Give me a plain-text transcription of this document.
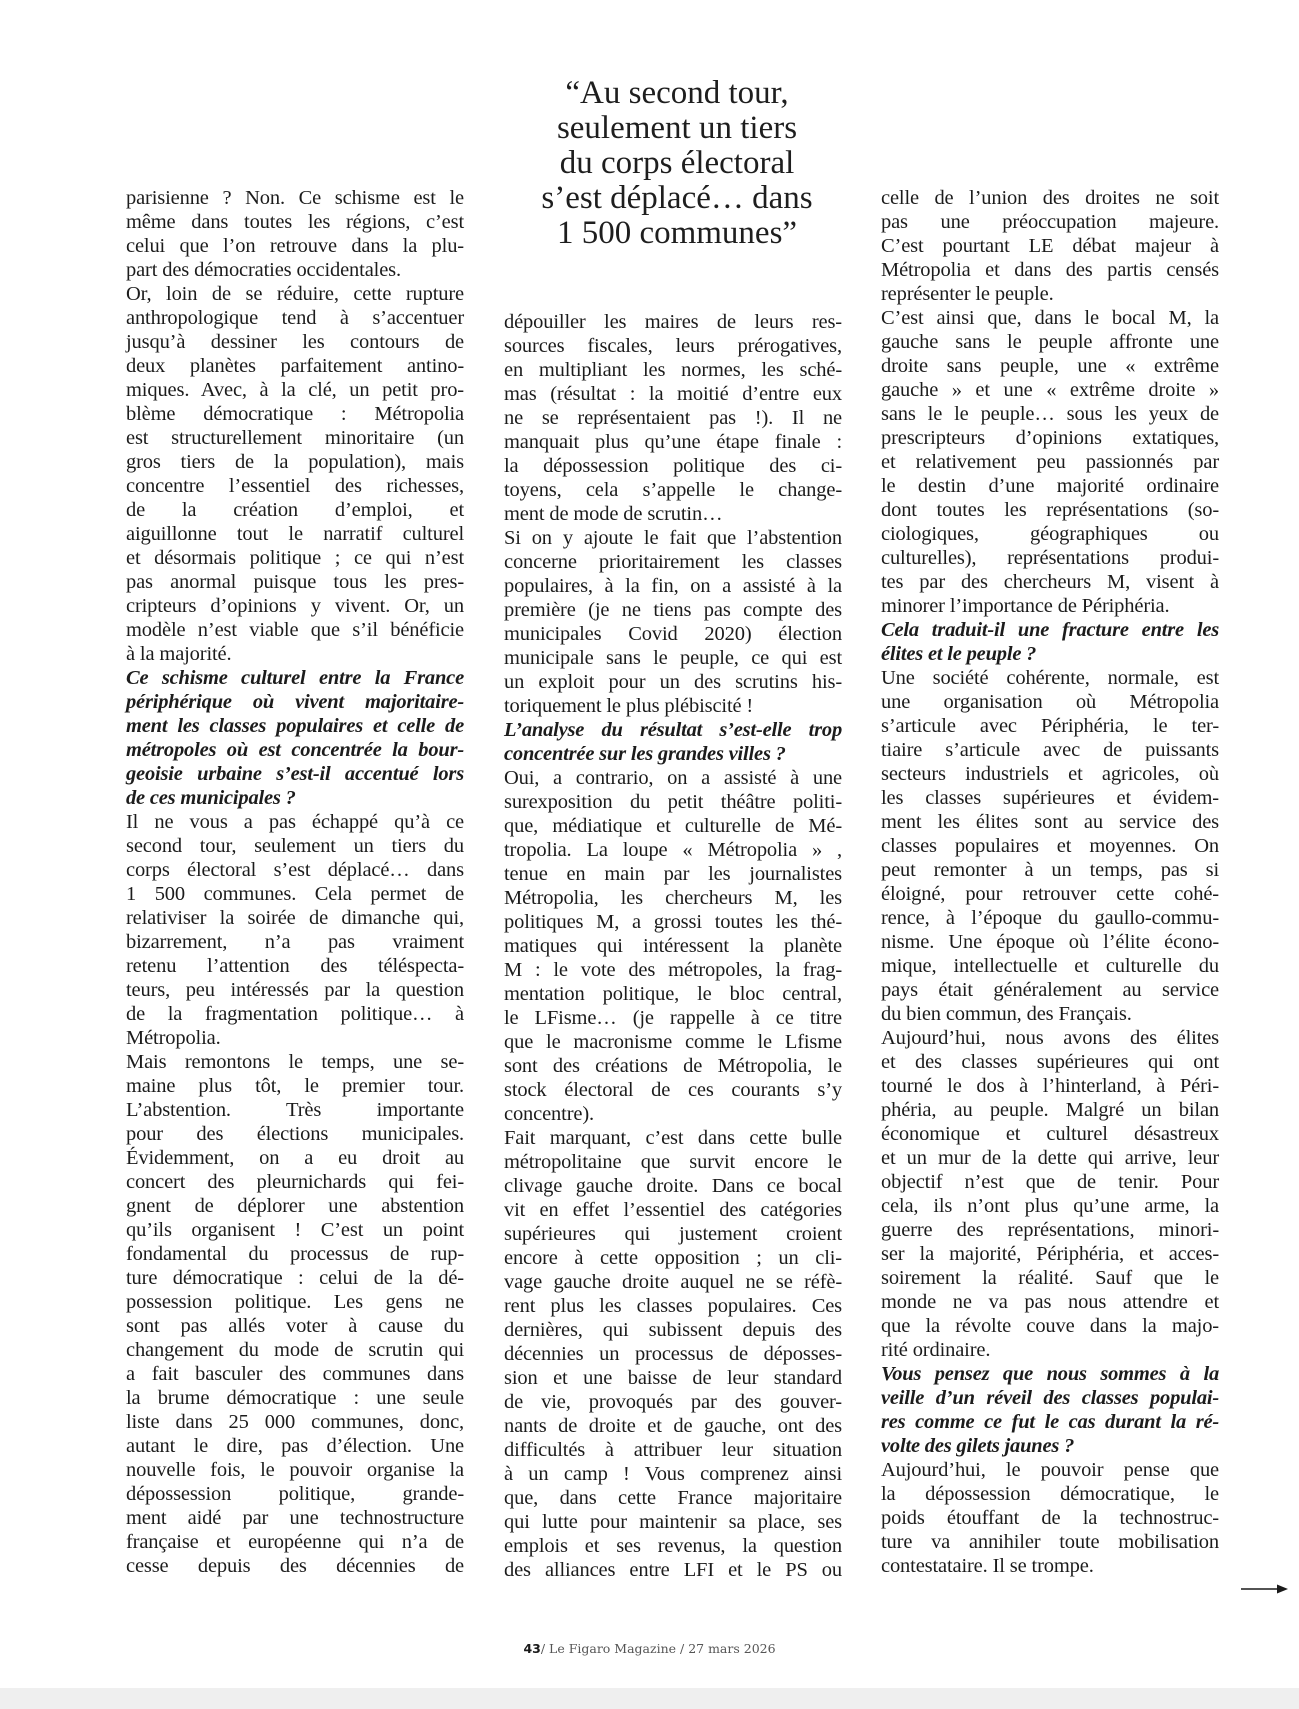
“Au second tour,
seulement un tiers
du corps électoral
s’est déplacé… dans
1 500 communes”
parisienne ? Non. Ce schisme est le
même dans toutes les régions, c’est
celui que l’on retrouve dans la plu-
part des démocraties occidentales.
Or, loin de se réduire, cette rupture
anthropologique tend à s’accentuer
jusqu’à dessiner les contours de
deux planètes parfaitement antino-
miques. Avec, à la clé, un petit pro-
blème démocratique : Métropolia
est structurellement minoritaire (un
gros tiers de la population), mais
concentre l’essentiel des richesses,
de la création d’emploi, et
aiguillonne tout le narratif culturel
et désormais politique ; ce qui n’est
pas anormal puisque tous les pres-
cripteurs d’opinions y vivent. Or, un
modèle n’est viable que s’il bénéficie
à la majorité.
Ce schisme culturel entre la France
périphérique où vivent majoritaire-
ment les classes populaires et celle de
métropoles où est concentrée la bour-
geoisie urbaine s’est-il accentué lors
de ces municipales ?
Il ne vous a pas échappé qu’à ce
second tour, seulement un tiers du
corps électoral s’est déplacé… dans
1 500 communes. Cela permet de
relativiser la soirée de dimanche qui,
bizarrement, n’a pas vraiment
retenu l’attention des téléspecta-
teurs, peu intéressés par la question
de la fragmentation politique… à
Métropolia.
Mais remontons le temps, une se-
maine plus tôt, le premier tour.
L’abstention. Très importante
pour des élections municipales.
Évidemment, on a eu droit au
concert des pleurnichards qui fei-
gnent de déplorer une abstention
qu’ils organisent ! C’est un point
fondamental du processus de rup-
ture démocratique : celui de la dé-
possession politique. Les gens ne
sont pas allés voter à cause du
changement du mode de scrutin qui
a fait basculer des communes dans
la brume démocratique : une seule
liste dans 25 000 communes, donc,
autant le dire, pas d’élection. Une
nouvelle fois, le pouvoir organise la
dépossession politique, grande-
ment aidé par une technostructure
française et européenne qui n’a de
cesse depuis des décennies de
dépouiller les maires de leurs res-
sources fiscales, leurs prérogatives,
en multipliant les normes, les sché-
mas (résultat : la moitié d’entre eux
ne se représentaient pas !). Il ne
manquait plus qu’une étape finale :
la dépossession politique des ci-
toyens, cela s’appelle le change-
ment de mode de scrutin…
Si on y ajoute le fait que l’abstention
concerne prioritairement les classes
populaires, à la fin, on a assisté à la
première (je ne tiens pas compte des
municipales Covid 2020) élection
municipale sans le peuple, ce qui est
un exploit pour un des scrutins his-
toriquement le plus plébiscité !
L’analyse du résultat s’est-elle trop
concentrée sur les grandes villes ?
Oui, a contrario, on a assisté à une
surexposition du petit théâtre politi-
que, médiatique et culturelle de Mé-
tropolia. La loupe « Métropolia » ,
tenue en main par les journalistes
Métropolia, les chercheurs M, les
politiques M, a grossi toutes les thé-
matiques qui intéressent la planète
M : le vote des métropoles, la frag-
mentation politique, le bloc central,
le LFisme… (je rappelle à ce titre
que le macronisme comme le Lfisme
sont des créations de Métropolia, le
stock électoral de ces courants s’y
concentre).
Fait marquant, c’est dans cette bulle
métropolitaine que survit encore le
clivage gauche droite. Dans ce bocal
vit en effet l’essentiel des catégories
supérieures qui justement croient
encore à cette opposition ; un cli-
vage gauche droite auquel ne se réfè-
rent plus les classes populaires. Ces
dernières, qui subissent depuis des
décennies un processus de déposses-
sion et une baisse de leur standard
de vie, provoqués par des gouver-
nants de droite et de gauche, ont des
difficultés à attribuer leur situation
à un camp ! Vous comprenez ainsi
que, dans cette France majoritaire
qui lutte pour maintenir sa place, ses
emplois et ses revenus, la question
des alliances entre LFI et le PS ou
celle de l’union des droites ne soit
pas une préoccupation majeure.
C’est pourtant LE débat majeur à
Métropolia et dans des partis censés
représenter le peuple.
C’est ainsi que, dans le bocal M, la
gauche sans le peuple affronte une
droite sans peuple, une « extrême
gauche » et une « extrême droite »
sans le le peuple… sous les yeux de
prescripteurs d’opinions extatiques,
et relativement peu passionnés par
le destin d’une majorité ordinaire
dont toutes les représentations (so-
ciologiques, géographiques ou
culturelles), représentations produi-
tes par des chercheurs M, visent à
minorer l’importance de Périphéria.
Cela traduit-il une fracture entre les
élites et le peuple ?
Une société cohérente, normale, est
une organisation où Métropolia
s’articule avec Périphéria, le ter-
tiaire s’articule avec de puissants
secteurs industriels et agricoles, où
les classes supérieures et évidem-
ment les élites sont au service des
classes populaires et moyennes. On
peut remonter à un temps, pas si
éloigné, pour retrouver cette cohé-
rence, à l’époque du gaullo-commu-
nisme. Une époque où l’élite écono-
mique, intellectuelle et culturelle du
pays était généralement au service
du bien commun, des Français.
Aujourd’hui, nous avons des élites
et des classes supérieures qui ont
tourné le dos à l’hinterland, à Péri-
phéria, au peuple. Malgré un bilan
économique et culturel désastreux
et un mur de la dette qui arrive, leur
objectif n’est que de tenir. Pour
cela, ils n’ont plus qu’une arme, la
guerre des représentations, minori-
ser la majorité, Périphéria, et acces-
soirement la réalité. Sauf que le
monde ne va pas nous attendre et
que la révolte couve dans la majo-
rité ordinaire.
Vous pensez que nous sommes à la
veille d’un réveil des classes populai-
res comme ce fut le cas durant la ré-
volte des gilets jaunes ?
Aujourd’hui, le pouvoir pense que
la dépossession démocratique, le
poids étouffant de la technostruc-
ture va annihiler toute mobilisation
contestataire. Il se trompe.
43/ Le Figaro Magazine / 27 mars 2026
